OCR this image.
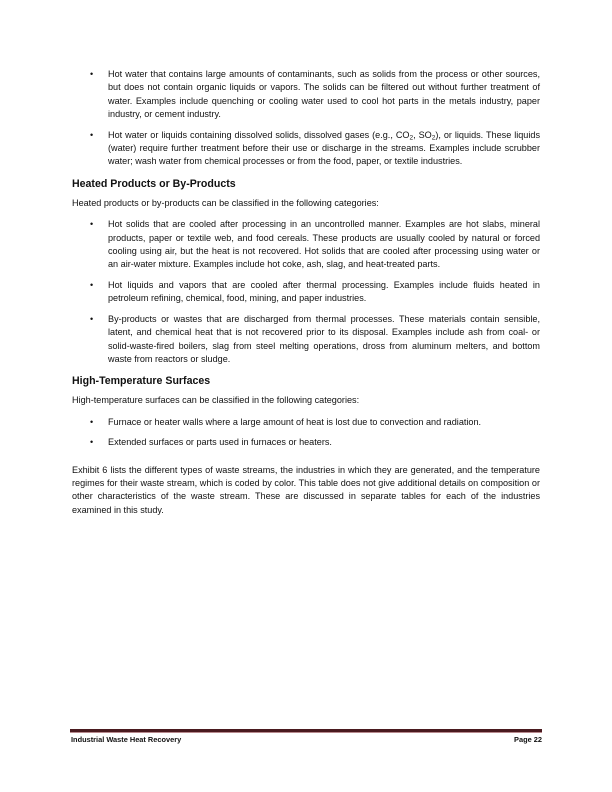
• Hot water that contains large amounts of contaminants, such as solids from the process or other sources, but does not contain organic liquids or vapors. The solids can be filtered out without further treatment of water. Examples include quenching or cooling water used to cool hot parts in the metals industry, paper industry, or cement industry.
• Hot water or liquids containing dissolved solids, dissolved gases (e.g., $CO_2$, $SO_2$), or liquids. These liquids (water) require further treatment before their use or discharge in the streams. Examples include scrubber water; wash water from chemical processes or from the food, paper, or textile industries.
Heated Products or By-Products

Heated products or by-products can be classified in the following categories:

• Hot solids that are cooled after processing in an uncontrolled manner. Examples are hot slabs, mineral products, paper or textile web, and food cereals. These products are usually cooled by natural or forced cooling using air, but the heat is not recovered. Hot solids that are cooled after processing using water or an air-water mixture. Examples include hot coke, ash, slag, and heat-treated parts.
• Hot liquids and vapors that are cooled after thermal processing. Examples include fluids heated in petroleum refining, chemical, food, mining, and paper industries.
• By-products or wastes that are discharged from thermal processes. These materials contain sensible, latent, and chemical heat that is not recovered prior to its disposal. Examples include ash from coal- or solid-waste-fired boilers, slag from steel melting operations, dross from aluminum melters, and bottom waste from reactors or sludge.
High-Temperature Surfaces

High-temperature surfaces can be classified in the following categories:

• Furnace or heater walls where a large amount of heat is lost due to convection and radiation.
• Extended surfaces or parts used in furnaces or heaters.

Exhibit 6 lists the different types of waste streams, the industries in which they are generated, and the temperature regimes for their waste stream, which is coded by color. This table does not give additional details on composition or other characteristics of the waste stream. These are discussed in separate tables for each of the industries examined in this study.

Industrial Waste Heat Recovery	Page 22
